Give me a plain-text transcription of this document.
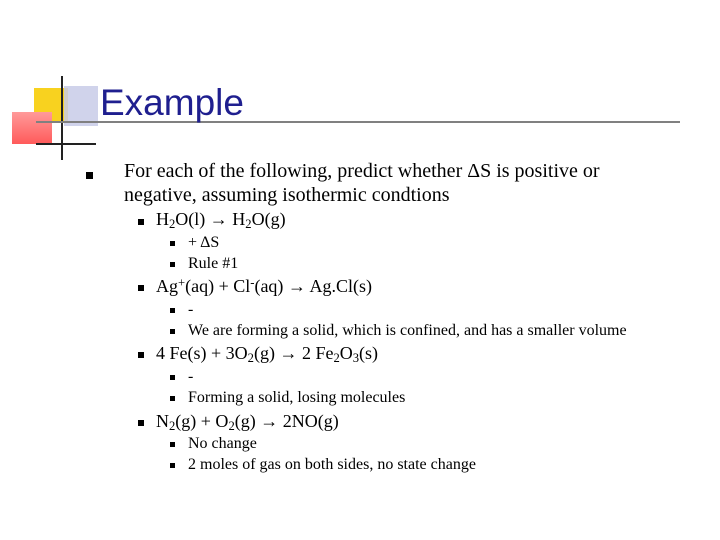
Example
For each of the following, predict whether ΔS is positive or
negative, assuming isothermic condtions
$H_2O(l) \to H_2O(g)$
+ ΔS
Rule #1
Ag+(aq) + Cl-(aq) → Ag.Cl(s)
-
We are forming a solid, which is confined, and has a smaller volume
4 $Fe(s) + 3O_2(g) \to 2$ $Fe_2O_3(s)$
-
Forming a solid, losing molecules
$N_2(g) + O_2(g) \to 2NO(g)$
No change
2 moles of gas on both sides, no state change
